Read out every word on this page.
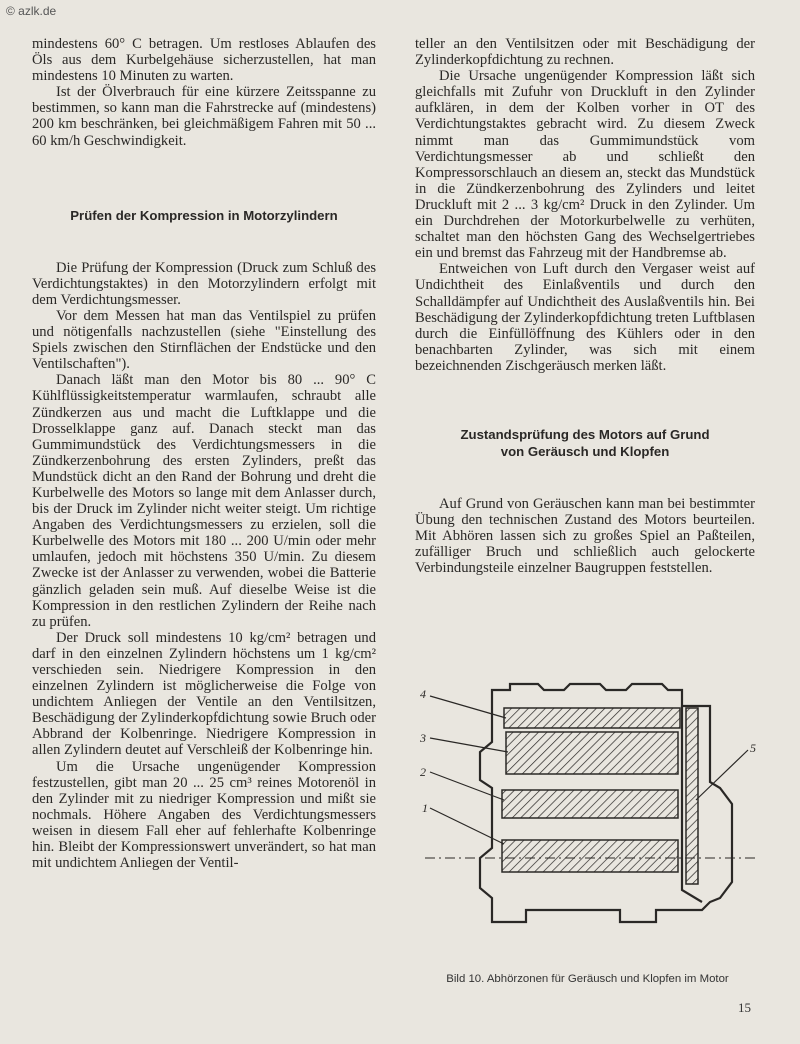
© azlk.de

mindestens 60° C betragen. Um restloses Ablaufen des Öls aus dem Kurbelgehäuse sicherzustellen, hat man mindestens 10 Minuten zu warten.

Ist der Ölverbrauch für eine kürzere Zeitsspanne zu bestimmen, so kann man die Fahrstrecke auf (mindestens) 200 km beschränken, bei gleichmäßigem Fahren mit 50 ... 60 km/h Geschwindigkeit.

Prüfen der Kompression in Motorzylindern

Die Prüfung der Kompression (Druck zum Schluß des Verdichtungstaktes) in den Motorzylindern erfolgt mit dem Verdichtungsmesser.

Vor dem Messen hat man das Ventilspiel zu prüfen und nötigenfalls nachzustellen (siehe "Einstellung des Spiels zwischen den Stirnflächen der Endstücke und den Ventilschaften").

Danach läßt man den Motor bis 80 ... 90° C Kühlflüssigkeitstemperatur warmlaufen, schraubt alle Zündkerzen aus und macht die Luftklappe und die Drosselklappe ganz auf. Danach steckt man das Gummimundstück des Verdichtungsmessers in die Zündkerzenbohrung des ersten Zylinders, preßt das Mundstück dicht an den Rand der Bohrung und dreht die Kurbelwelle des Motors so lange mit dem Anlasser durch, bis der Druck im Zylinder nicht weiter steigt. Um richtige Angaben des Verdichtungsmessers zu erzielen, soll die Kurbelwelle des Motors mit 180 ... 200 U/min oder mehr umlaufen, jedoch mit höchstens 350 U/min. Zu diesem Zwecke ist der Anlasser zu verwenden, wobei die Batterie gänzlich geladen sein muß. Auf dieselbe Weise ist die Kompression in den restlichen Zylindern der Reihe nach zu prüfen.

Der Druck soll mindestens 10 kg/cm² betragen und darf in den einzelnen Zylindern höchstens um 1 kg/cm² verschieden sein. Niedrigere Kompression in den einzelnen Zylindern ist möglicherweise die Folge von undichtem Anliegen der Ventile an den Ventilsitzen, Beschädigung der Zylinderkopfdichtung sowie Bruch oder Abbrand der Kolbenringe. Niedrigere Kompression in allen Zylindern deutet auf Verschleiß der Kolbenringe hin.

Um die Ursache ungenügender Kompression festzustellen, gibt man 20 ... 25 cm³ reines Motorenöl in den Zylinder mit zu niedriger Kompression und mißt sie nochmals. Höhere Angaben des Verdichtungsmessers weisen in diesem Fall eher auf fehlerhafte Kolbenringe hin. Bleibt der Kompressionswert unverändert, so hat man mit undichtem Anliegen der Ventil-

teller an den Ventilsitzen oder mit Beschädigung der Zylinderkopfdichtung zu rechnen.

Die Ursache ungenügender Kompression läßt sich gleichfalls mit Zufuhr von Druckluft in den Zylinder aufklären, in dem der Kolben vorher in OT des Verdichtungstaktes gebracht wird. Zu diesem Zweck nimmt man das Gummimundstück vom Verdichtungsmesser ab und schließt den Kompressorschlauch an diesem an, steckt das Mundstück in die Zündkerzenbohrung des Zylinders und leitet Druckluft mit 2 ... 3 kg/cm² Druck in den Zylinder. Um ein Durchdrehen der Motorkurbelwelle zu verhüten, schaltet man den höchsten Gang des Wechselgertriebes ein und bremst das Fahrzeug mit der Handbremse ab.

Entweichen von Luft durch den Vergaser weist auf Undichtheit des Einlaßventils und durch den Schalldämpfer auf Undichtheit des Auslaßventils hin. Bei Beschädigung der Zylinderkopfdichtung treten Luftblasen durch die Einfüllöffnung des Kühlers oder in den benachbarten Zylinder, was sich mit einem bezeichnenden Zischgeräusch merken läßt.

Zustandsprüfung des Motors auf Grund
von Geräusch und Klopfen

Auf Grund von Geräuschen kann man bei bestimmter Übung den technischen Zustand des Motors beurteilen. Mit Abhören lassen sich zu großes Spiel an Paßteilen, zufälliger Bruch und schließlich auch gelockerte Verbindungsteile einzelner Baugruppen feststellen.

4
3
2
1
5
Bild 10. Abhörzonen für Geräusch und Klopfen im Motor
15
